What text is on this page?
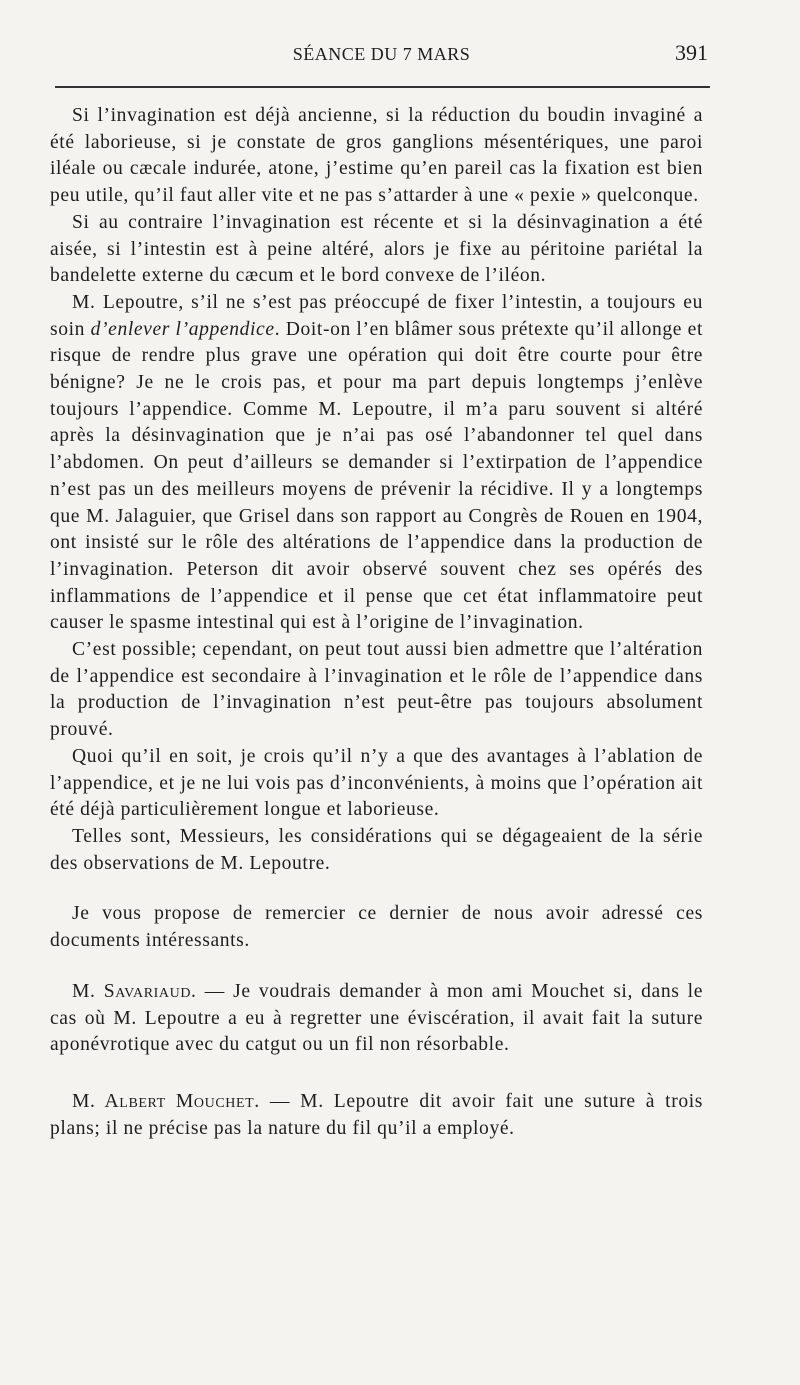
SÉANCE DU 7 MARS	391

Si l’invagination est déjà ancienne, si la réduction du boudin invaginé a été laborieuse, si je constate de gros ganglions mésentériques, une paroi iléale ou cæcale indurée, atone, j’estime qu’en pareil cas la fixation est bien peu utile, qu’il faut aller vite et ne pas s’attarder à une « pexie » quelconque.

Si au contraire l’invagination est récente et si la désinvagination a été aisée, si l’intestin est à peine altéré, alors je fixe au péritoine pariétal la bandelette externe du cæcum et le bord convexe de l’iléon.

M. Lepoutre, s’il ne s’est pas préoccupé de fixer l’intestin, a toujours eu soin d’enlever l’appendice. Doit-on l’en blâmer sous prétexte qu’il allonge et risque de rendre plus grave une opération qui doit être courte pour être bénigne? Je ne le crois pas, et pour ma part depuis longtemps j’enlève toujours l’appendice. Comme M. Lepoutre, il m’a paru souvent si altéré après la désinvagination que je n’ai pas osé l’abandonner tel quel dans l’abdomen. On peut d’ailleurs se demander si l’extirpation de l’appendice n’est pas un des meilleurs moyens de prévenir la récidive. Il y a longtemps que M. Jalaguier, que Grisel dans son rapport au Congrès de Rouen en 1904, ont insisté sur le rôle des altérations de l’appendice dans la production de l’invagination. Peterson dit avoir observé souvent chez ses opérés des inflammations de l’appendice et il pense que cet état inflammatoire peut causer le spasme intestinal qui est à l’origine de l’invagination.

C’est possible; cependant, on peut tout aussi bien admettre que l’altération de l’appendice est secondaire à l’invagination et le rôle de l’appendice dans la production de l’invagination n’est peut-être pas toujours absolument prouvé.

Quoi qu’il en soit, je crois qu’il n’y a que des avantages à l’ablation de l’appendice, et je ne lui vois pas d’inconvénients, à moins que l’opération ait été déjà particulièrement longue et laborieuse.

Telles sont, Messieurs, les considérations qui se dégageaient de la série des observations de M. Lepoutre.

Je vous propose de remercier ce dernier de nous avoir adressé ces documents intéressants.

M. Savariaud. — Je voudrais demander à mon ami Mouchet si, dans le cas où M. Lepoutre a eu à regretter une éviscération, il avait fait la suture aponévrotique avec du catgut ou un fil non résorbable.

M. Albert Mouchet. — M. Lepoutre dit avoir fait une suture à trois plans; il ne précise pas la nature du fil qu’il a employé.
